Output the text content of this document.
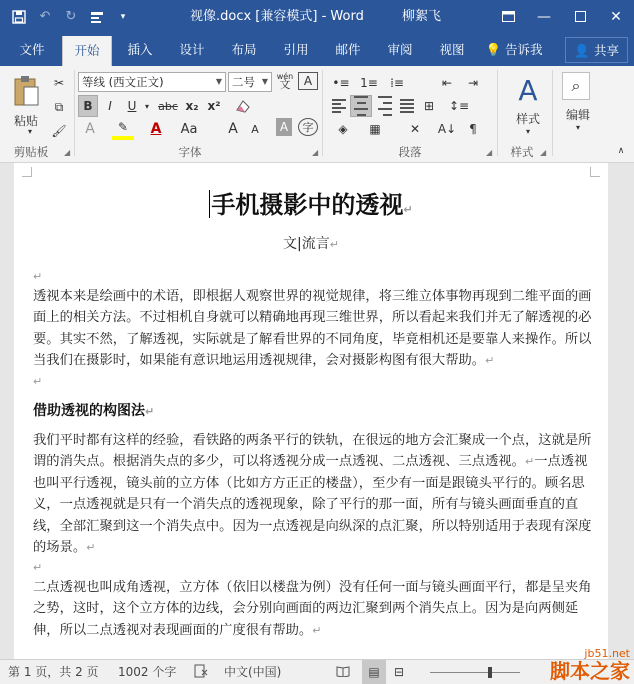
↶	↻	▾	视像.docx [兼容模式] - Word	柳絮飞	—	✕
文件	开始	插入	设计	布局	引用	邮件	审阅	视图	💡 告诉我	👤 共享
粘贴
▾
✂
⧉
🖌
剪贴板	◢
等线 (西文正文)	▼ 二号 ▼
wén
文	A
B	I	U	▾ abc x₂ x²
A	✎	A	Aa	A	A	A	字
字体	◢
•≡ 1≡	⁞≡	⇤	⇥
⊞	↕≡
◈	▦	✕	A↓	¶
段落	◢
A
样式
▾
样式 ◢
⌕
编辑
▾
∧
手机摄影中的透视↵
文|流言↵
↵
透视本来是绘画中的术语，即根据人观察世界的视觉规律，将三维立体事物再现到二维平面的画面上的相关方法。不过相机自身就可以精确地再现三维世界，所以看起来我们并无了解透视的必要。其实不然，了解透视，实际就是了解看世界的不同角度，毕竟相机还是要靠人来操作。所以当我们在摄影时，如果能有意识地运用透视规律，会对摄影构图有很大帮助。↵
↵
借助透视的构图法↵
我们平时都有这样的经验，看铁路的两条平行的铁轨，在很远的地方会汇聚成一个点，这就是所谓的消失点。根据消失点的多少，可以将透视分成一点透视、二点透视、三点透视。↵一点透视也叫平行透视，镜头前的立方体（比如方方正正的楼盘），至少有一面是跟镜头平行的。顾名思义，一点透视就是只有一个消失点的透视现象，除了平行的那一面，所有与镜头画面垂直的直线，全部汇聚到这一个消失点中。因为一点透视是向纵深的点汇聚，所以特别适用于表现有深度的场景。↵
↵
二点透视也叫成角透视，立方体（依旧以楼盘为例）没有任何一面与镜头画面平行，都是呈夹角之势，这时，这个立方体的边线，会分别向画面的两边汇聚到两个消失点上。因为是向两侧延伸，所以二点透视对表现画面的广度很有帮助。↵
第 1 页，共 2 页 1002 个字	中文(中国)	▤	⊟
jb51.net
脚本之家
